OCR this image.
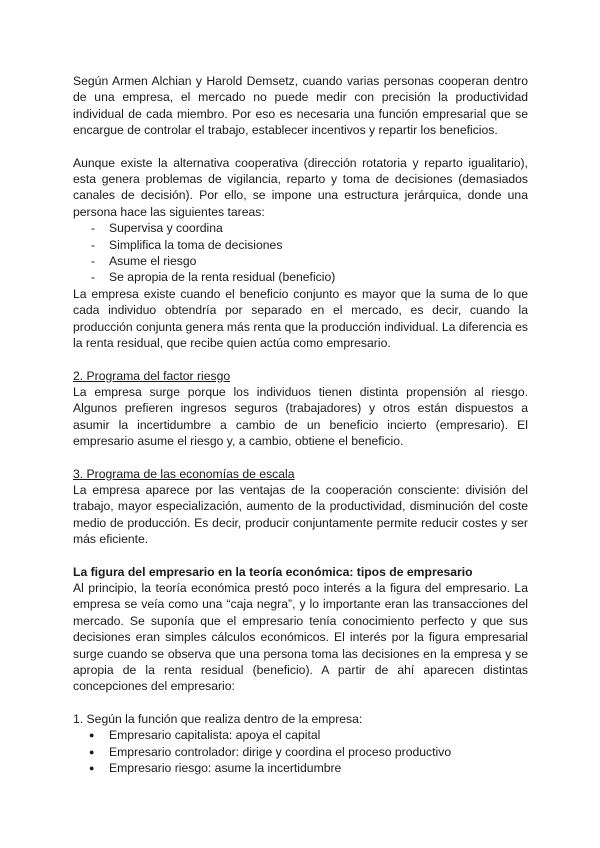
Según Armen Alchian y Harold Demsetz, cuando varias personas cooperan dentro de una empresa, el mercado no puede medir con precisión la productividad individual de cada miembro. Por eso es necesaria una función empresarial que se encargue de controlar el trabajo, establecer incentivos y repartir los beneficios.

Aunque existe la alternativa cooperativa (dirección rotatoria y reparto igualitario), esta genera problemas de vigilancia, reparto y toma de decisiones (demasiados canales de decisión). Por ello, se impone una estructura jerárquica, donde una persona hace las siguientes tareas:

- Supervisa y coordina
- Simplifica la toma de decisiones
- Asume el riesgo
- Se apropia de la renta residual (beneficio)

La empresa existe cuando el beneficio conjunto es mayor que la suma de lo que cada individuo obtendría por separado en el mercado, es decir, cuando la producción conjunta genera más renta que la producción individual. La diferencia es la renta residual, que recibe quien actúa como empresario.

2. Programa del factor riesgo

La empresa surge porque los individuos tienen distinta propensión al riesgo. Algunos prefieren ingresos seguros (trabajadores) y otros están dispuestos a asumir la incertidumbre a cambio de un beneficio incierto (empresario). El empresario asume el riesgo y, a cambio, obtiene el beneficio.

3. Programa de las economías de escala

La empresa aparece por las ventajas de la cooperación consciente: división del trabajo, mayor especialización, aumento de la productividad, disminución del coste medio de producción. Es decir, producir conjuntamente permite reducir costes y ser más eficiente.

La figura del empresario en la teoría económica: tipos de empresario

Al principio, la teoría económica prestó poco interés a la figura del empresario. La empresa se veía como una “caja negra”, y lo importante eran las transacciones del mercado. Se suponía que el empresario tenía conocimiento perfecto y que sus decisiones eran simples cálculos económicos. El interés por la figura empresarial surge cuando se observa que una persona toma las decisiones en la empresa y se apropia de la renta residual (beneficio). A partir de ahí aparecen distintas concepciones del empresario:

1. Según la función que realiza dentro de la empresa:

● Empresario capitalista: apoya el capital
● Empresario controlador: dirige y coordina el proceso productivo
● Empresario riesgo: asume la incertidumbre
